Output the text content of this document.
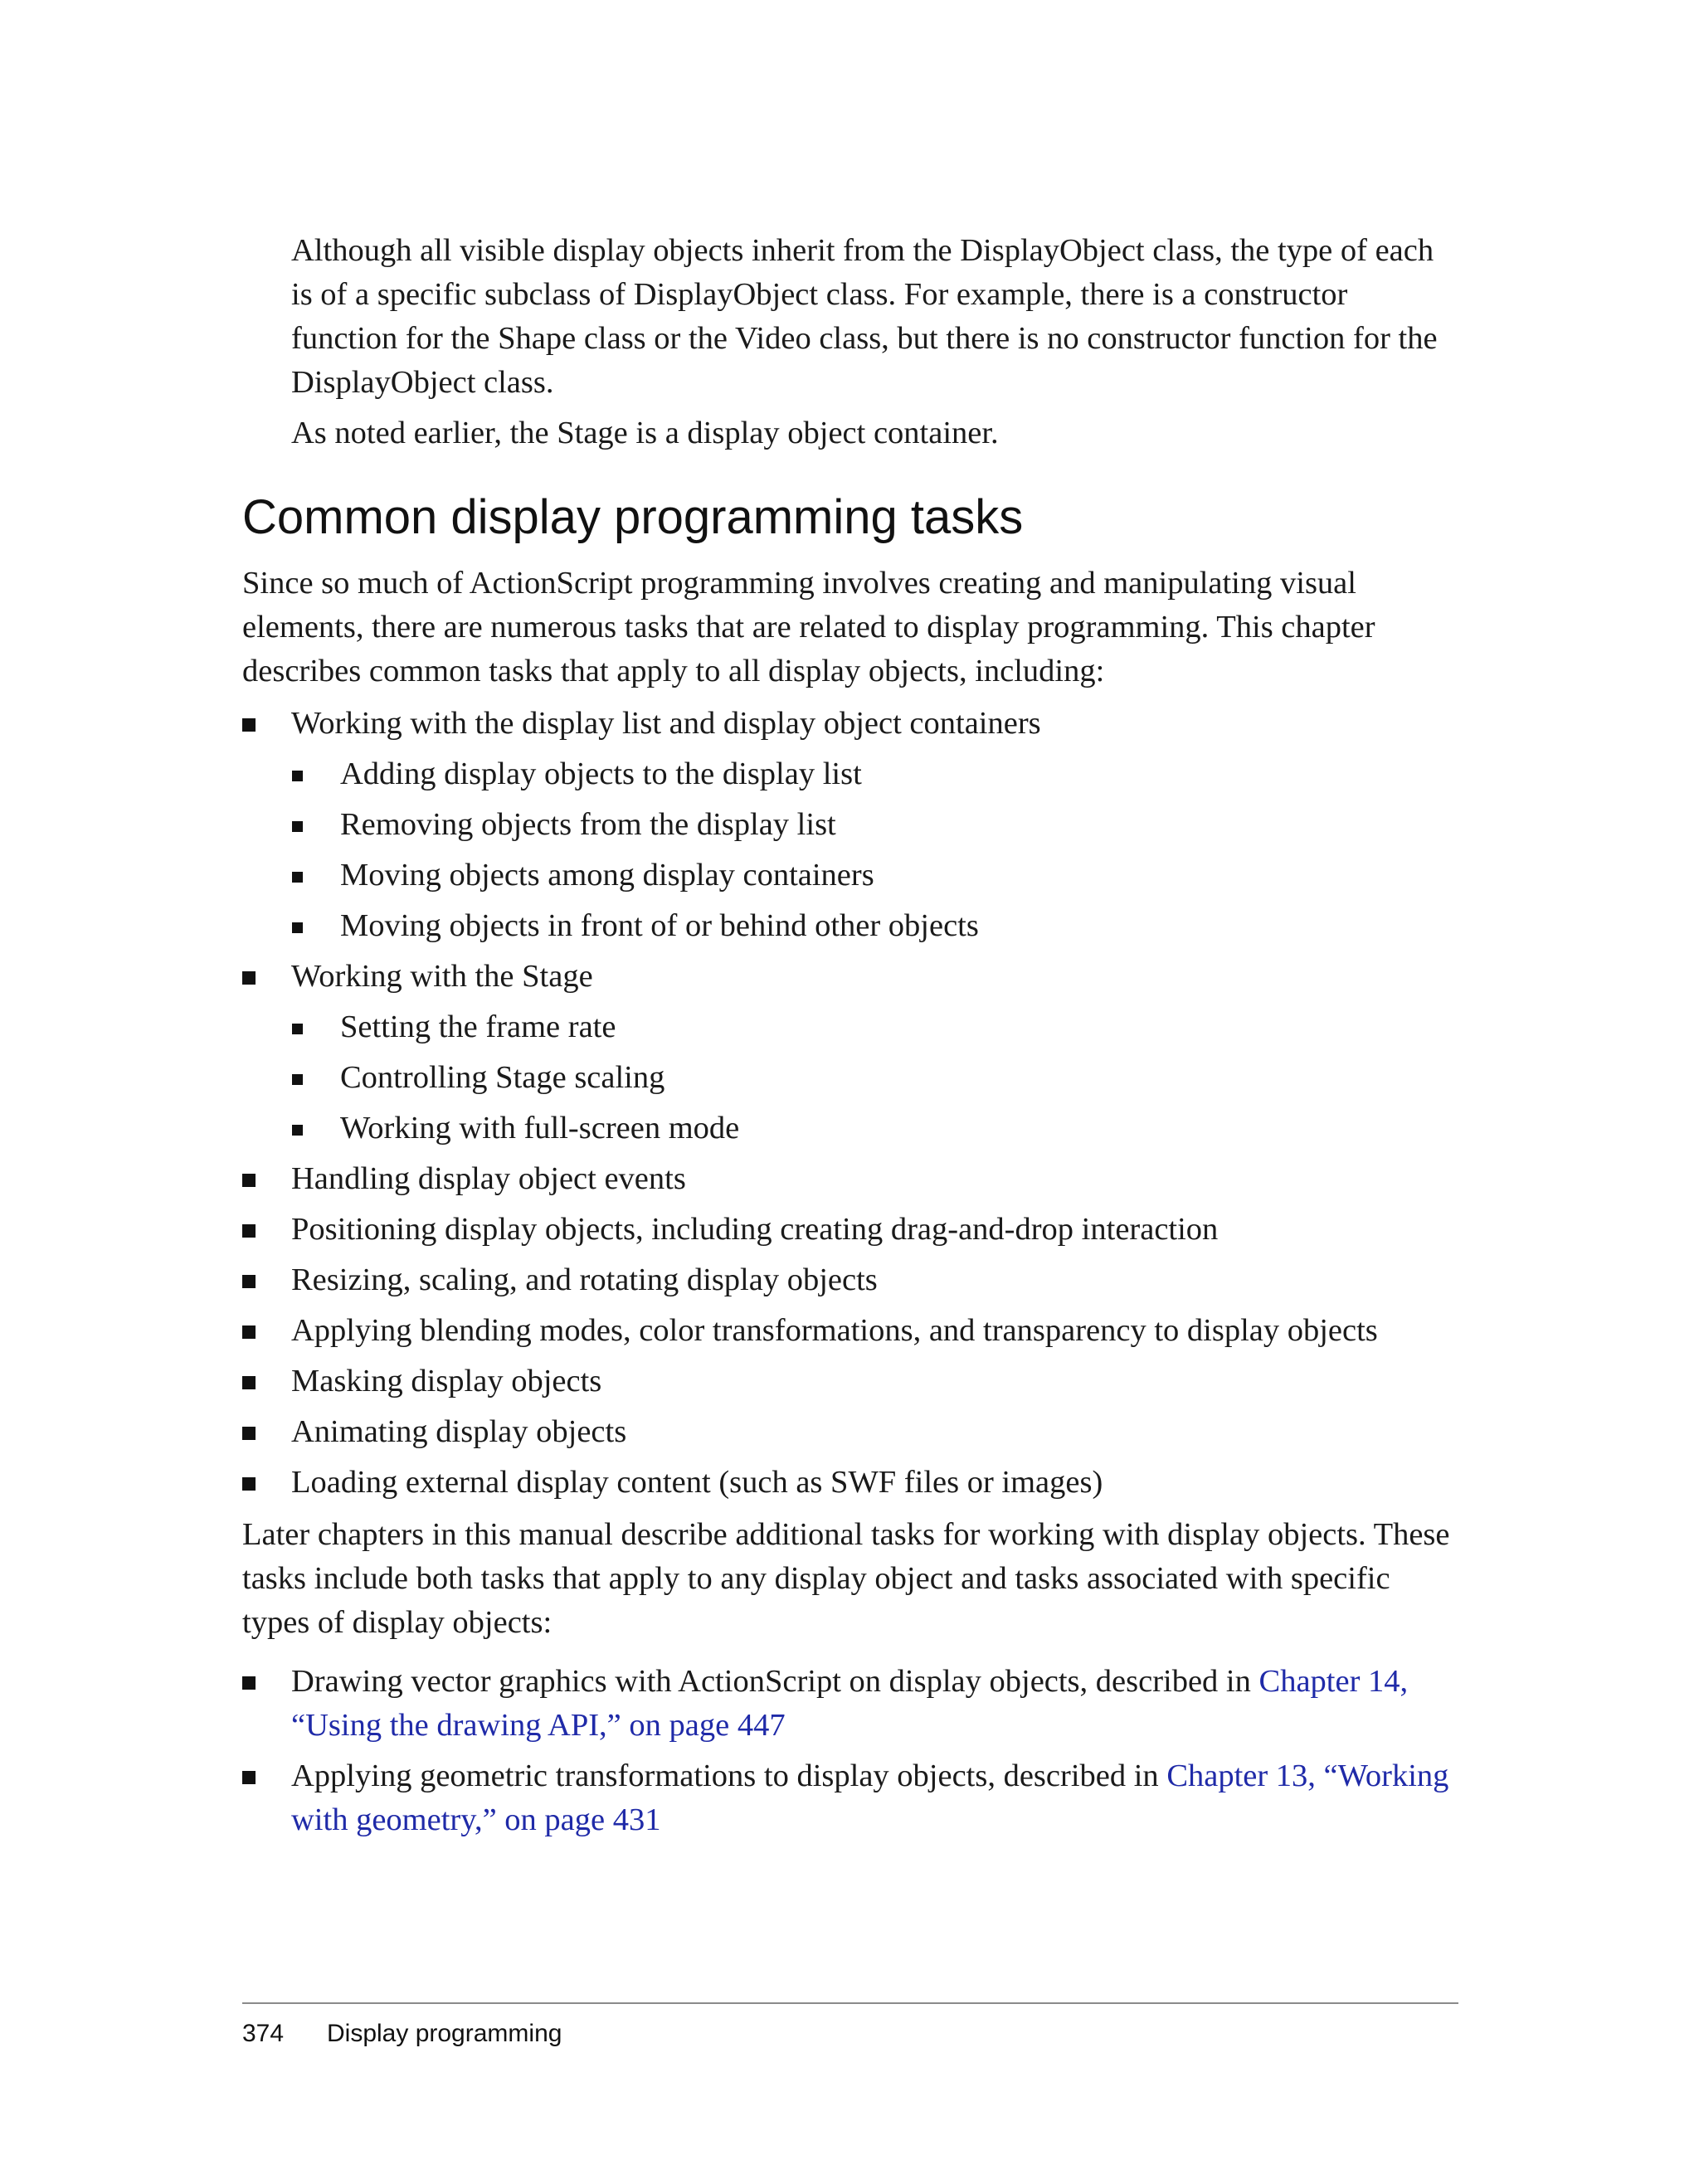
Although all visible display objects inherit from the DisplayObject class, the type of each is of a specific subclass of DisplayObject class. For example, there is a constructor function for the Shape class or the Video class, but there is no constructor function for the DisplayObject class.

As noted earlier, the Stage is a display object container.

Common display programming tasks

Since so much of ActionScript programming involves creating and manipulating visual elements, there are numerous tasks that are related to display programming. This chapter describes common tasks that apply to all display objects, including:

Working with the display list and display object containers
Adding display objects to the display list
Removing objects from the display list
Moving objects among display containers
Moving objects in front of or behind other objects
Working with the Stage
Setting the frame rate
Controlling Stage scaling
Working with full-screen mode
Handling display object events
Positioning display objects, including creating drag-and-drop interaction
Resizing, scaling, and rotating display objects
Applying blending modes, color transformations, and transparency to display objects
Masking display objects
Animating display objects
Loading external display content (such as SWF files or images)

Later chapters in this manual describe additional tasks for working with display objects. These tasks include both tasks that apply to any display object and tasks associated with specific types of display objects:

Drawing vector graphics with ActionScript on display objects, described in Chapter 14, “Using the drawing API,” on page 447
Applying geometric transformations to display objects, described in Chapter 13, “Working with geometry,” on page 431
374 Display programming
